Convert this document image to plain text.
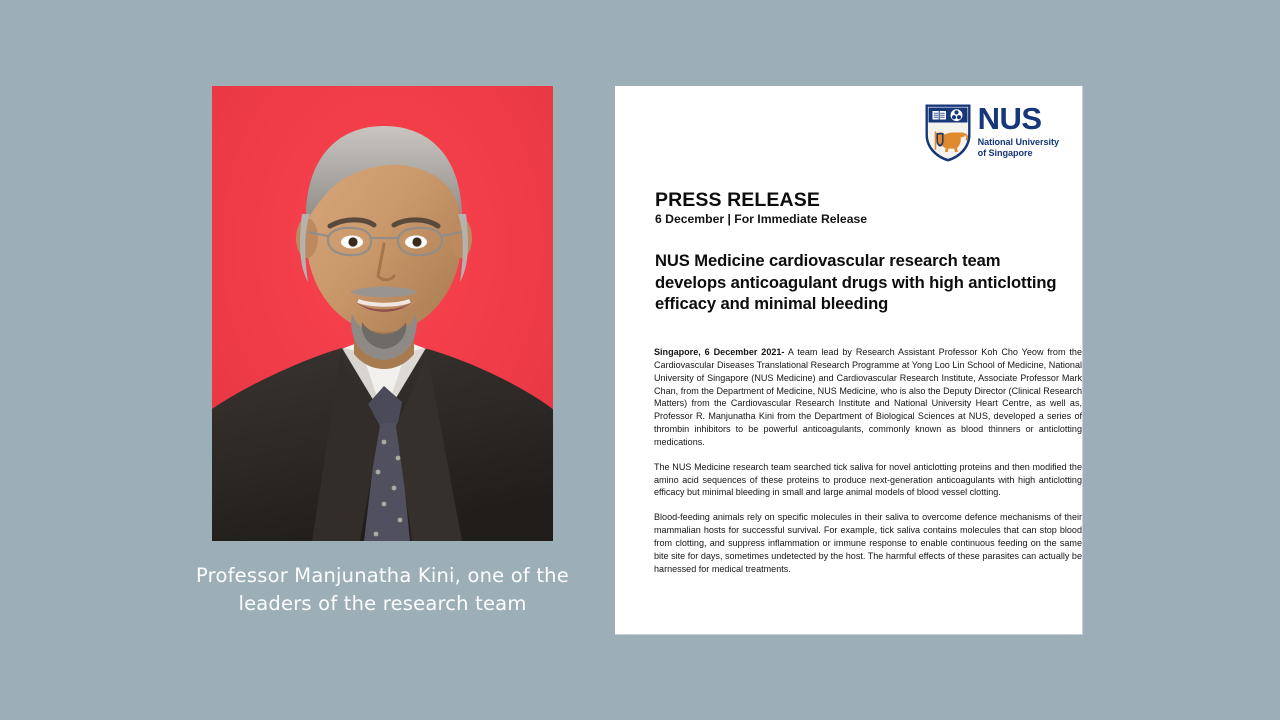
Professor Manjunatha Kini, one of the leaders of the research team
NUS
National University
of Singapore
PRESS RELEASE
6 December | For Immediate Release
NUS Medicine cardiovascular research team develops anticoagulant drugs with high anticlotting efficacy and minimal bleeding

Singapore, 6 December 2021- A team lead by Research Assistant Professor Koh Cho Yeow from the Cardiovascular Diseases Translational Research Programme at Yong Loo Lin School of Medicine, National University of Singapore (NUS Medicine) and Cardiovascular Research Institute, Associate Professor Mark Chan, from the Department of Medicine, NUS Medicine, who is also the Deputy Director (Clinical Research Matters) from the Cardiovascular Research Institute and National University Heart Centre, as well as, Professor R. Manjunatha Kini from the Department of Biological Sciences at NUS, developed a series of thrombin inhibitors to be powerful anticoagulants, commonly known as blood thinners or anticlotting medications.

The NUS Medicine research team searched tick saliva for novel anticlotting proteins and then modified the amino acid sequences of these proteins to produce next-generation anticoagulants with high anticlotting efficacy but minimal bleeding in small and large animal models of blood vessel clotting.

Blood-feeding animals rely on specific molecules in their saliva to overcome defence mechanisms of their mammalian hosts for successful survival. For example, tick saliva contains molecules that can stop blood from clotting, and suppress inflammation or immune response to enable continuous feeding on the same bite site for days, sometimes undetected by the host. The harmful effects of these parasites can actually be harnessed for medical treatments.
